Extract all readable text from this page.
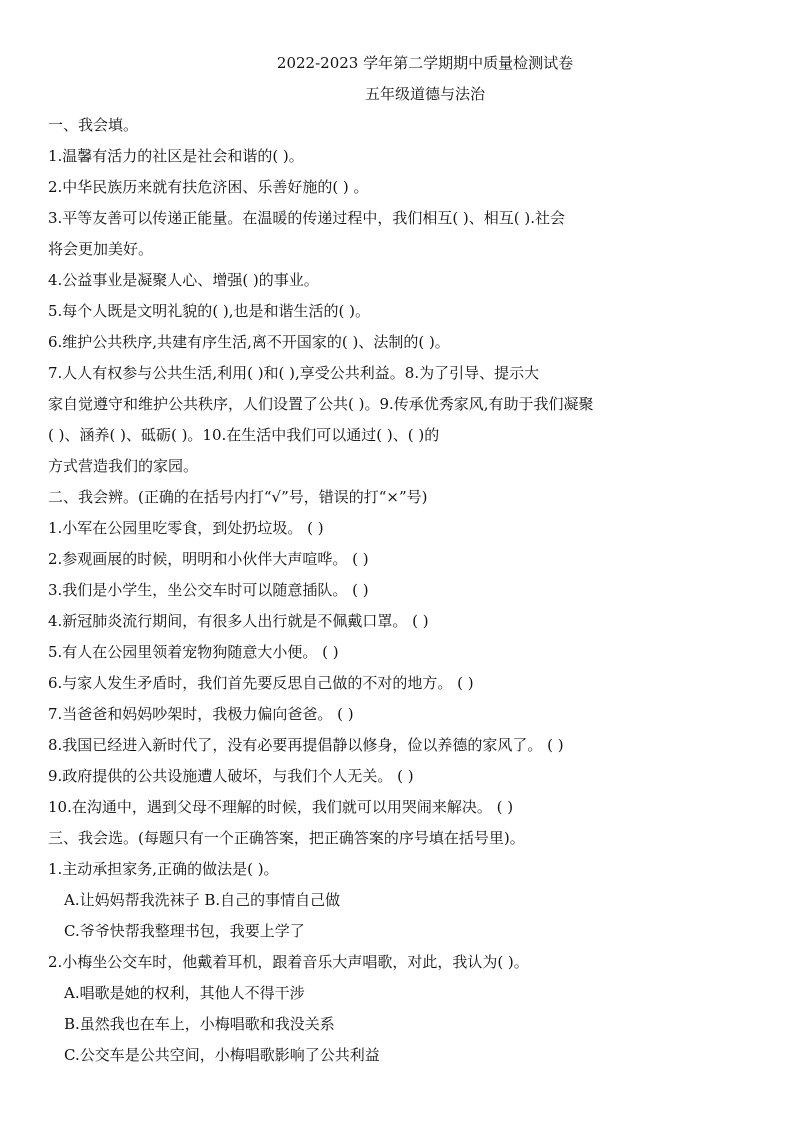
2022-2023 学年第二学期期中质量检测试卷
五年级道德与法治
一、我会填。
1.温馨有活力的社区是社会和谐的( )。
2.中华民族历来就有扶危济困、乐善好施的( ) 。
3.平等友善可以传递正能量。在温暖的传递过程中，我们相互( )、相互( ).社会
将会更加美好。
4.公益事业是凝聚人心、增强( )的事业。
5.每个人既是文明礼貌的( ),也是和谐生活的( )。
6.维护公共秩序,共建有序生活,离不开国家的( )、法制的( )。
7.人人有权参与公共生活,利用( )和( ),享受公共利益。8.为了引导、提示大
家自觉遵守和维护公共秩序，人们设置了公共( )。9.传承优秀家风,有助于我们凝聚
( )、涵养( )、砥砺( )。10.在生活中我们可以通过( )、( )的
方式营造我们的家园。
二、我会辨。(正确的在括号内打“√”号，错误的打“×”号)
1.小军在公园里吃零食，到处扔垃圾。 ( )
2.参观画展的时候，明明和小伙伴大声喧哗。 ( )
3.我们是小学生，坐公交车时可以随意插队。 ( )
4.新冠肺炎流行期间，有很多人出行就是不佩戴口罩。 ( )
5.有人在公园里领着宠物狗随意大小便。 ( )
6.与家人发生矛盾时，我们首先要反思自己做的不对的地方。 ( )
7.当爸爸和妈妈吵架时，我极力偏向爸爸。 ( )
8.我国已经进入新时代了，没有必要再提倡静以修身，俭以养德的家风了。 ( )
9.政府提供的公共设施遭人破坏，与我们个人无关。 ( )
10.在沟通中，遇到父母不理解的时候，我们就可以用哭闹来解决。 ( )
三、我会选。(每题只有一个正确答案，把正确答案的序号填在括号里)。
1.主动承担家务,正确的做法是( )。
A.让妈妈帮我洗袜子 B.自己的事情自己做
C.爷爷快帮我整理书包，我要上学了
2.小梅坐公交车时，他戴着耳机，跟着音乐大声唱歌，对此，我认为( )。
A.唱歌是她的权利，其他人不得干涉
B.虽然我也在车上，小梅唱歌和我没关系
C.公交车是公共空间，小梅唱歌影响了公共利益
